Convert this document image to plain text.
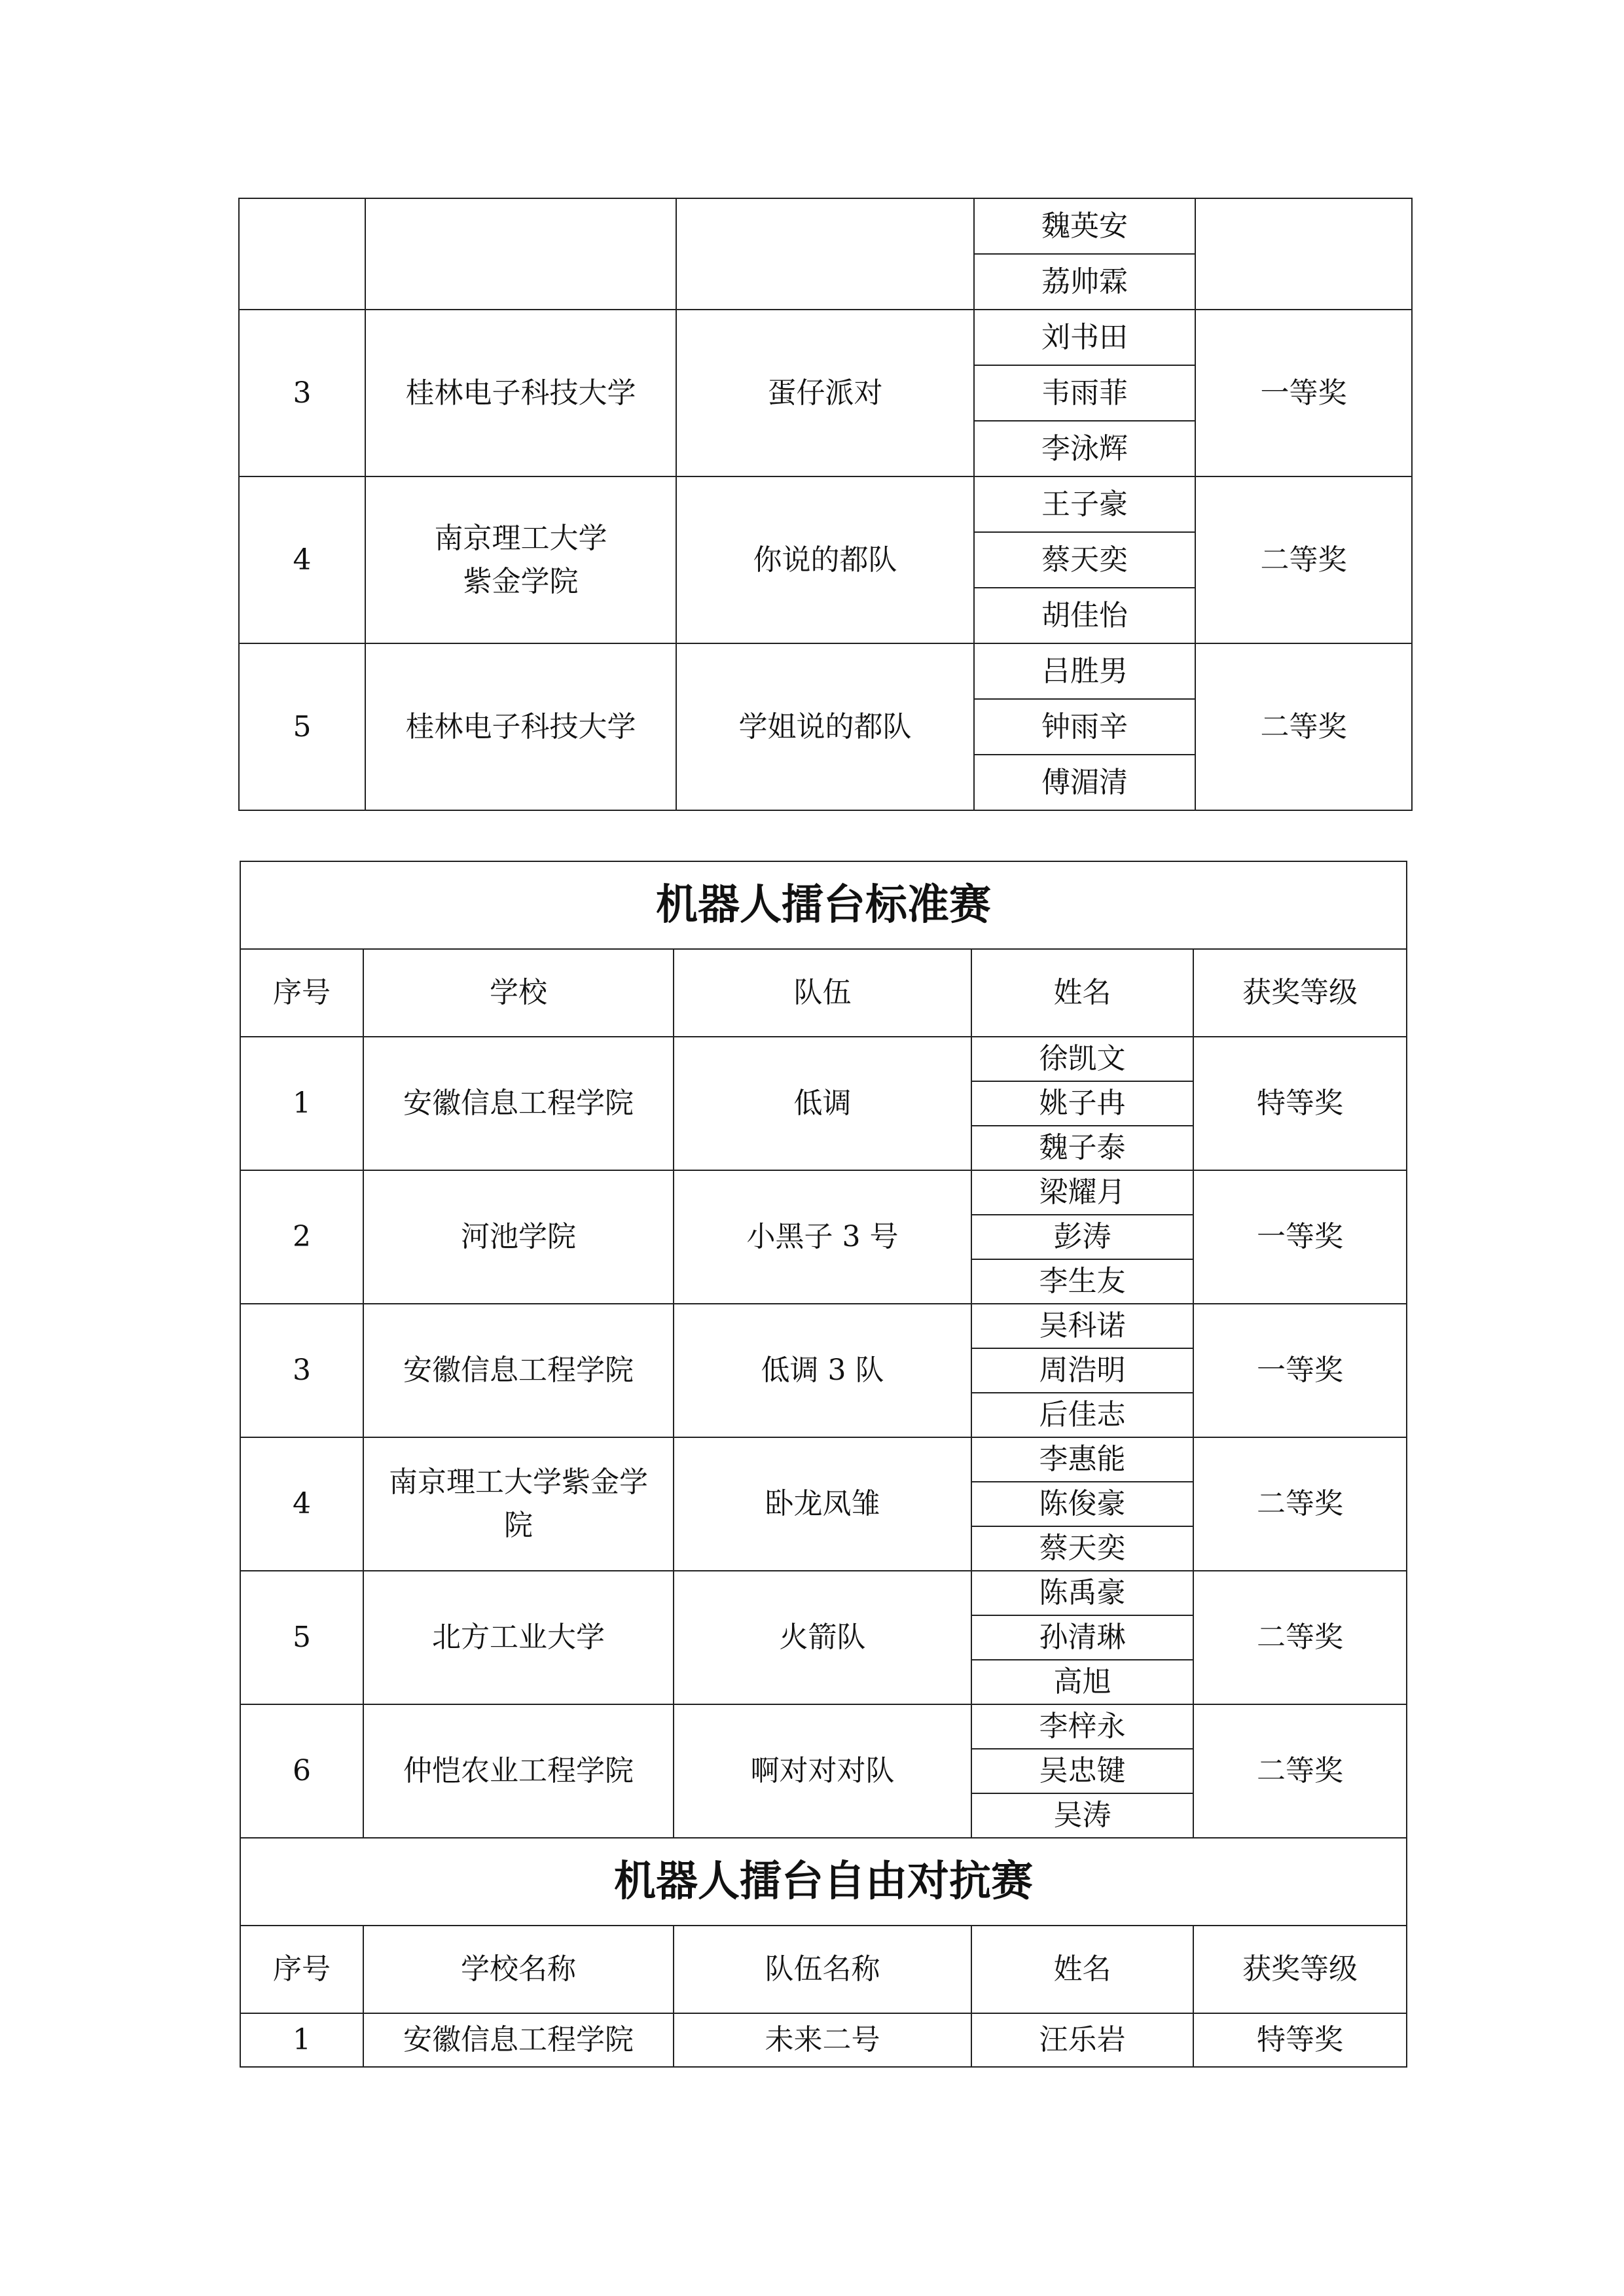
			魏英安	
			荔帅霖	
3	桂林电子科技大学	蛋仔派对	刘书田	一等奖
			韦雨菲	
			李泳辉	
4	南京理工大学
紫金学院	你说的都队	王子豪	二等奖
			蔡天奕	
			胡佳怡	
5	桂林电子科技大学	学姐说的都队	吕胜男	二等奖
			钟雨辛	
			傅湄清	
机器人擂台标准赛				
序号	学校	队伍	姓名	获奖等级
1	安徽信息工程学院	低调	徐凯文	特等奖
			姚子冉	
			魏子泰	
2	河池学院	小黑子 3 号	梁耀月	一等奖
			彭涛	
			李生友	
3	安徽信息工程学院	低调 3 队	吴科诺	一等奖
			周浩明	
			后佳志	
4	南京理工大学紫金学
院	卧龙凤雏	李惠能	二等奖
			陈俊豪	
			蔡天奕	
5	北方工业大学	火箭队	陈禹豪	二等奖
			孙清琳	
			高旭	
6	仲恺农业工程学院	啊对对对队	李梓永	二等奖
			吴忠键	
			吴涛	
机器人擂台自由对抗赛				
序号	学校名称	队伍名称	姓名	获奖等级
1	安徽信息工程学院	未来二号	汪乐岩	特等奖
